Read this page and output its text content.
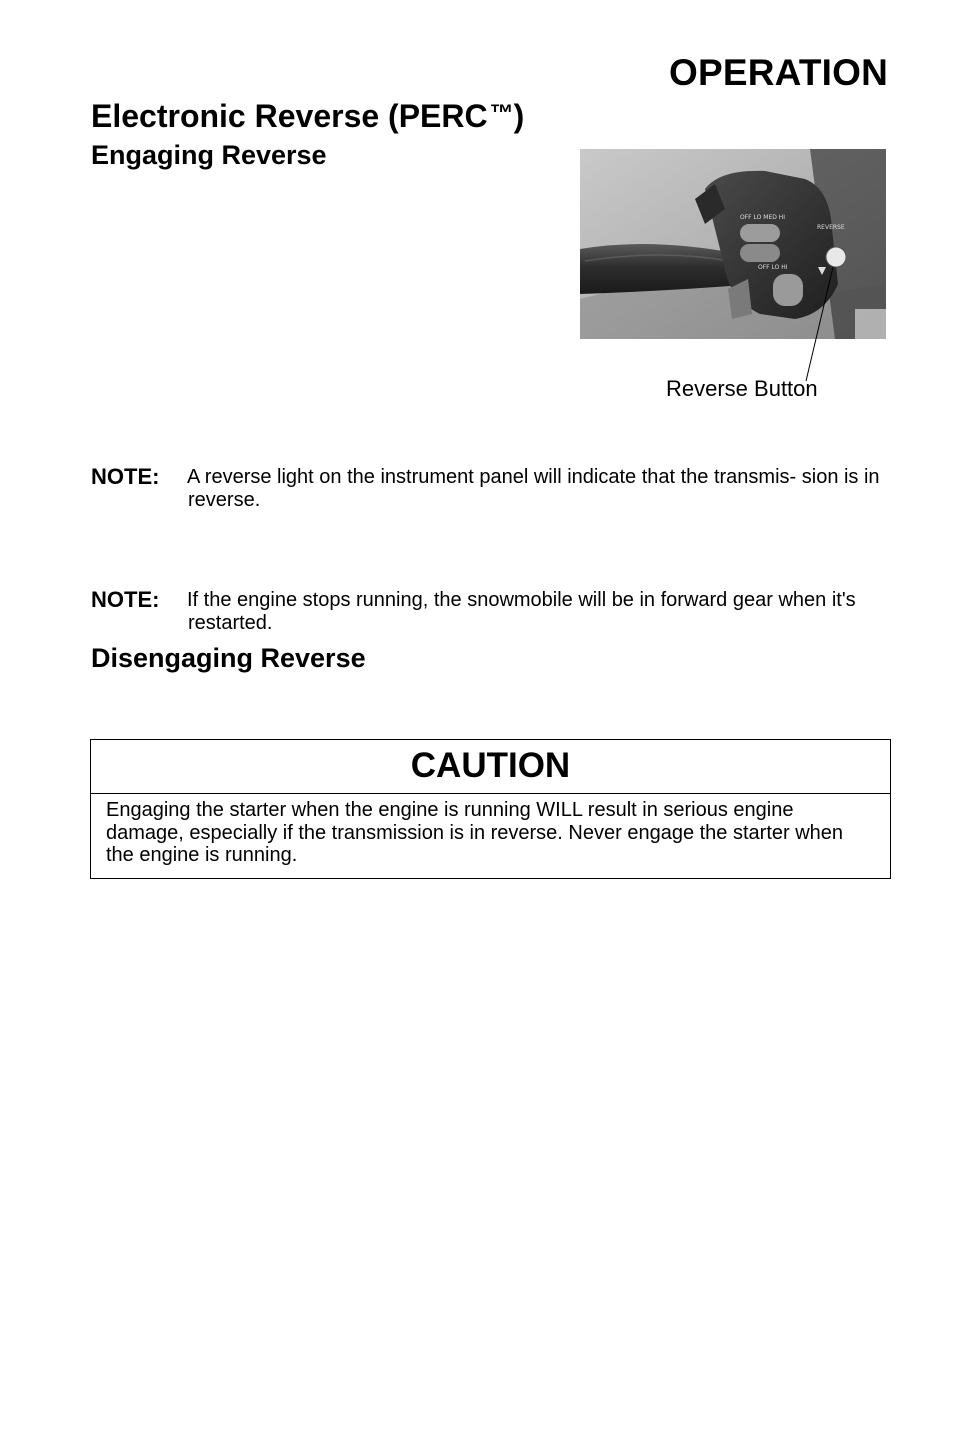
OPERATION
Electronic Reverse (PERC™)
Engaging Reverse
OFF LO MED HI
OFF LO HI
REVERSE
Reverse Button
NOTE: A reverse light on the instrument panel will indicate that the transmis- sion is in reverse.
NOTE: If the engine stops running, the snowmobile will be in forward gear when it's restarted.
Disengaging Reverse
CAUTION
Engaging the starter when the engine is running WILL result in serious engine damage, especially if the transmission is in reverse. Never engage the starter when the engine is running.
